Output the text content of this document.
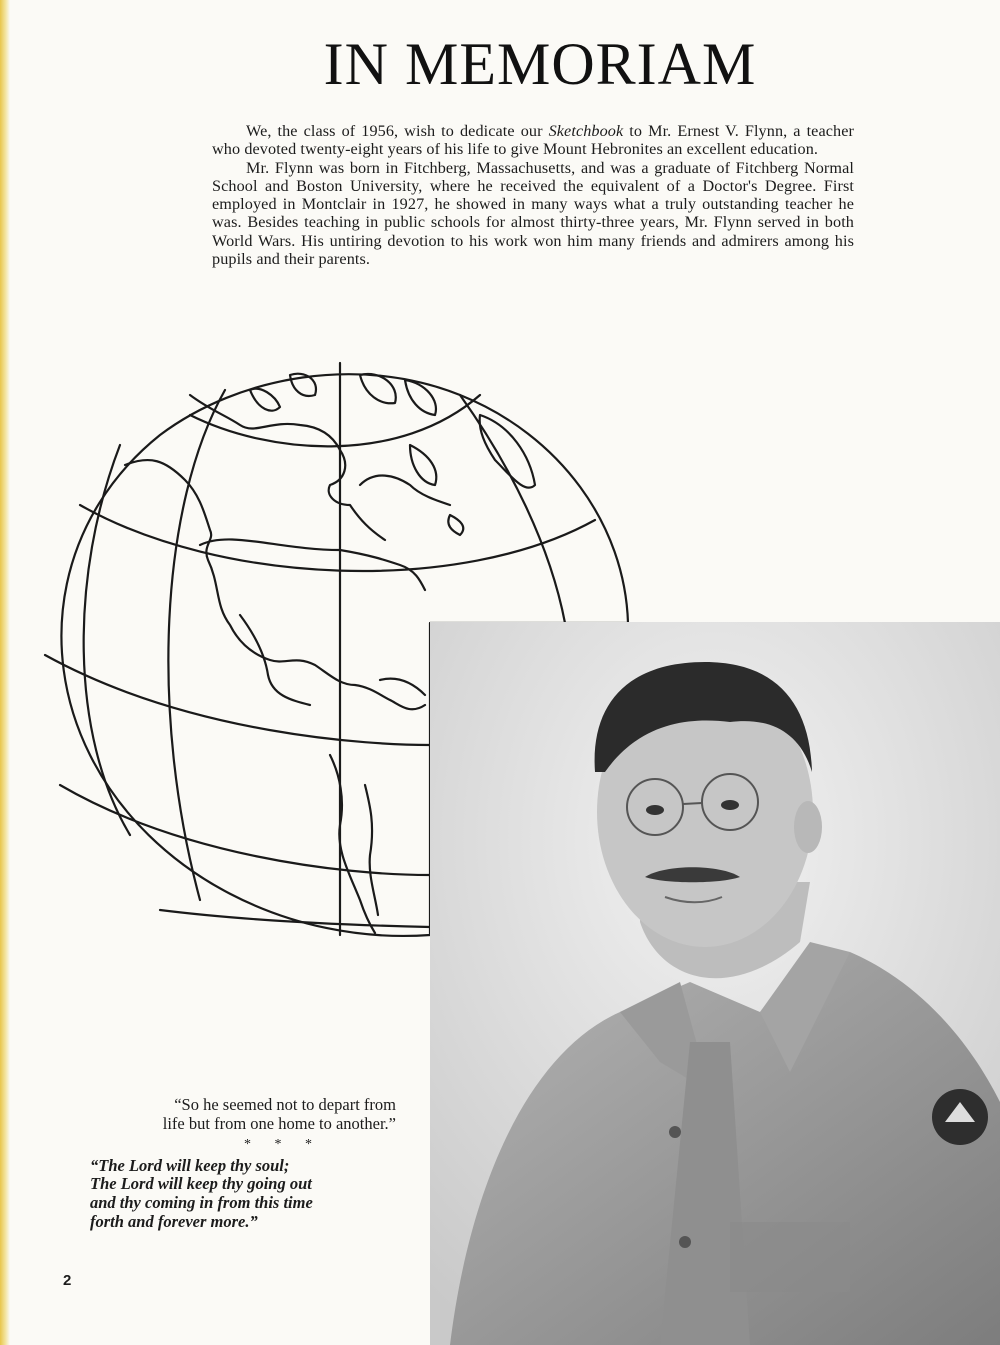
IN MEMORIAM

We, the class of 1956, wish to dedicate our Sketchbook to Mr. Ernest V. Flynn, a teacher who devoted twenty-eight years of his life to give Mount Hebronites an excellent education.

Mr. Flynn was born in Fitchberg, Massachusetts, and was a graduate of Fitchberg Normal School and Boston University, where he received the equivalent of a Doctor's Degree. First employed in Montclair in 1927, he showed in many ways what a truly outstanding teacher he was. Besides teaching in public schools for almost thirty-three years, Mr. Flynn served in both World Wars. His untiring devotion to his work won him many friends and admirers among his pupils and their parents.

“So he seemed not to depart from
life but from one home to another.”
* * *
“The Lord will keep thy soul;
The Lord will keep thy going out
and thy coming in from this time
forth and forever more.”
2
